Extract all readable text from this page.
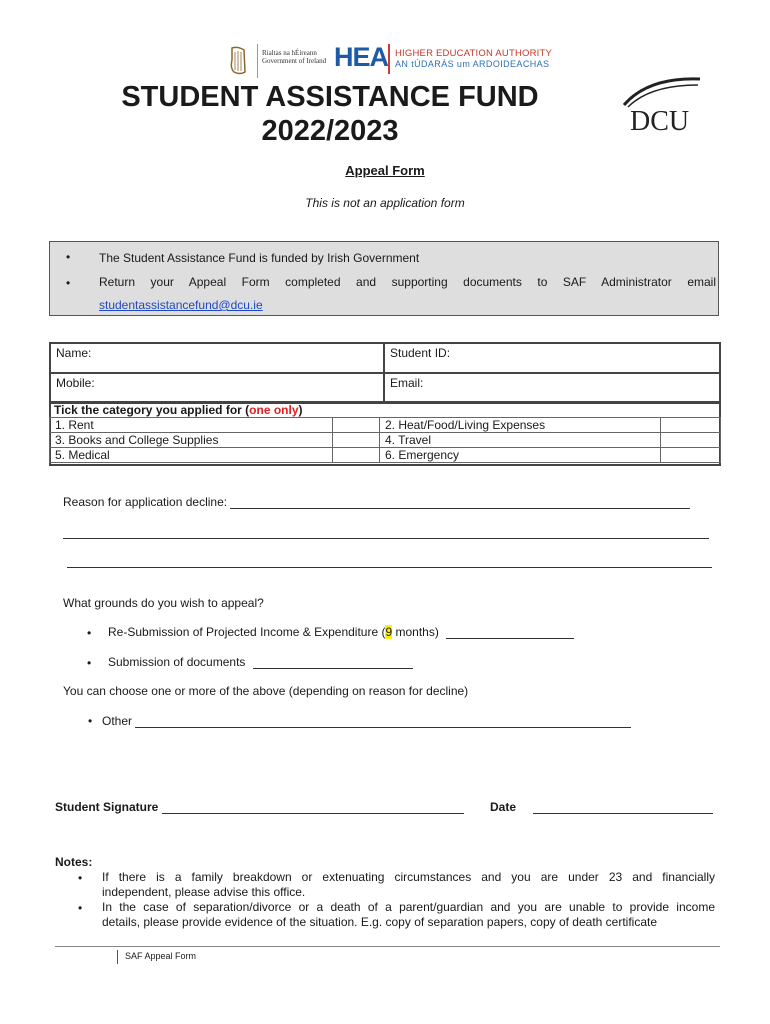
Rialtas na hÉireann
Government of Ireland HEA HIGHER EDUCATION AUTHORITY
AN tÚDARÁS um ARDOIDEACHAS
DCU
STUDENT ASSISTANCE FUND
2022/2023
Appeal Form
This is not an application form
• The Student Assistance Fund is funded by Irish Government
• Return your Appeal Form completed and supporting documents to SAF Administrator email
studentassistancefund@dcu.ie
Name:	Student ID:
Mobile:	Email:
Tick the category you applied for (one only)
1. Rent		2. Heat/Food/Living Expenses	
3. Books and College Supplies		4. Travel	
5. Medical		6. Emergency	
Reason for application decline:
What grounds do you wish to appeal?
• Re-Submission of Projected Income & Expenditure (9 months)
• Submission of documents
You can choose one or more of the above (depending on reason for decline)
• Other
Student Signature	Date
Notes:
• If there is a family breakdown or extenuating circumstances and you are under 23 and financially
independent, please advise this office.
• In the case of separation/divorce or a death of a parent/guardian and you are unable to provide income
details, please provide evidence of the situation. E.g. copy of separation papers, copy of death certificate
SAF Appeal Form
